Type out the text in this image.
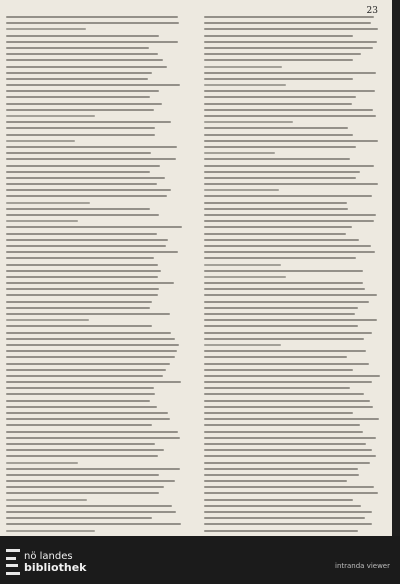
23
nö landes
bibliothek	intranda viewer
